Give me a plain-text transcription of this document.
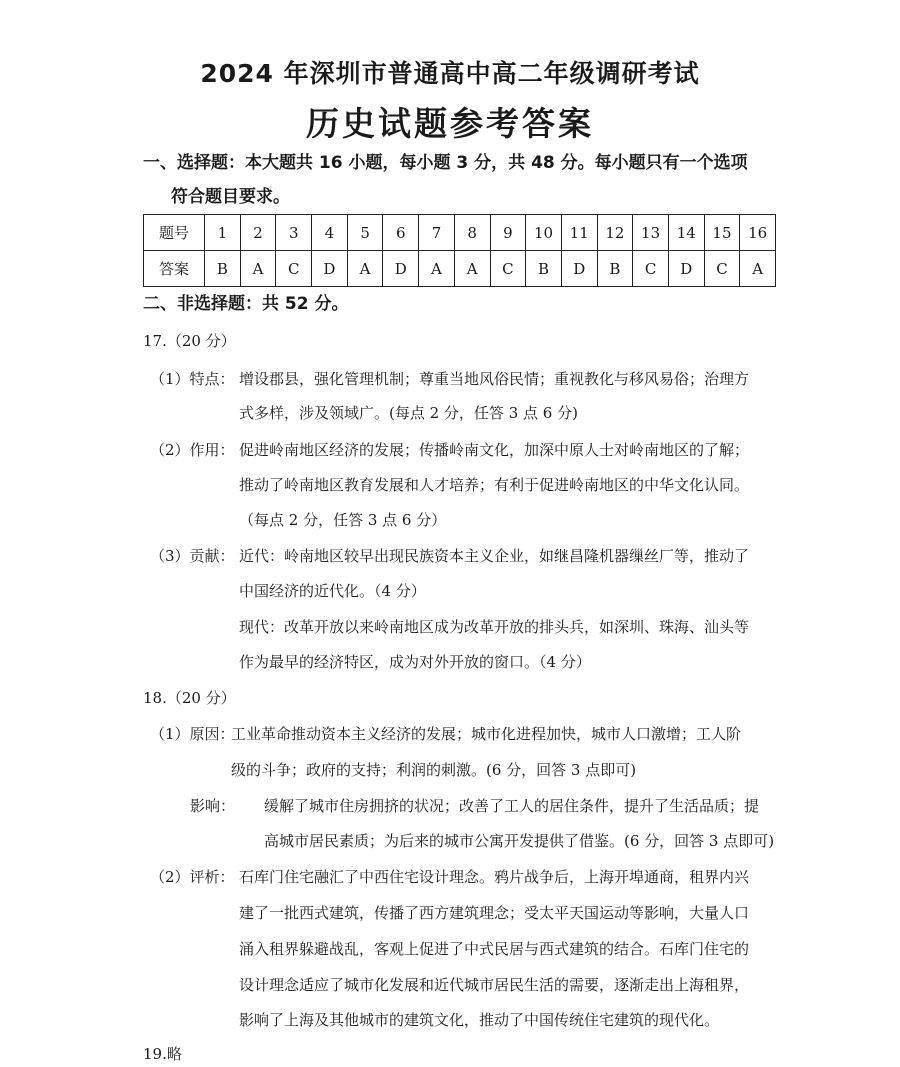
2024 年深圳市普通高中高二年级调研考试
历史试题参考答案
一、选择题：本大题共 16 小题，每小题 3 分，共 48 分。每小题只有一个选项
符合题目要求。
题号	1	2	3	4	5	6	7	8	9	10	11	12	13	14	15	16
答案	B	A	C	D	A	D	A	A	C	B	D	B	C	D	C	A
二、非选择题：共 52 分。
17.（20 分）
（1）特点： 增设郡县，强化管理机制；尊重当地风俗民情；重视教化与移风易俗；治理方
式多样，涉及领域广。(每点 2 分，任答 3 点 6 分)
（2）作用： 促进岭南地区经济的发展；传播岭南文化，加深中原人士对岭南地区的了解；
推动了岭南地区教育发展和人才培养；有利于促进岭南地区的中华文化认同。
（每点 2 分，任答 3 点 6 分）
（3）贡献： 近代：岭南地区较早出现民族资本主义企业，如继昌隆机器缫丝厂等，推动了
中国经济的近代化。（4 分）
现代：改革开放以来岭南地区成为改革开放的排头兵，如深圳、珠海、汕头等
作为最早的经济特区，成为对外开放的窗口。（4 分）
18.（20 分）
（1）原因：
工业革命推动资本主义经济的发展；城市化进程加快，城市人口激增；工人阶
级的斗争；政府的支持；利润的刺激。(6 分，回答 3 点即可)
影响： 缓解了城市住房拥挤的状况；改善了工人的居住条件，提升了生活品质；提
高城市居民素质；为后来的城市公寓开发提供了借鉴。(6 分，回答 3 点即可)
（2）评析： 石库门住宅融汇了中西住宅设计理念。鸦片战争后，上海开埠通商，租界内兴
建了一批西式建筑，传播了西方建筑理念；受太平天国运动等影响，大量人口
涌入租界躲避战乱，客观上促进了中式民居与西式建筑的结合。石库门住宅的
设计理念适应了城市化发展和近代城市居民生活的需要，逐渐走出上海租界，
影响了上海及其他城市的建筑文化，推动了中国传统住宅建筑的现代化。
19.略
